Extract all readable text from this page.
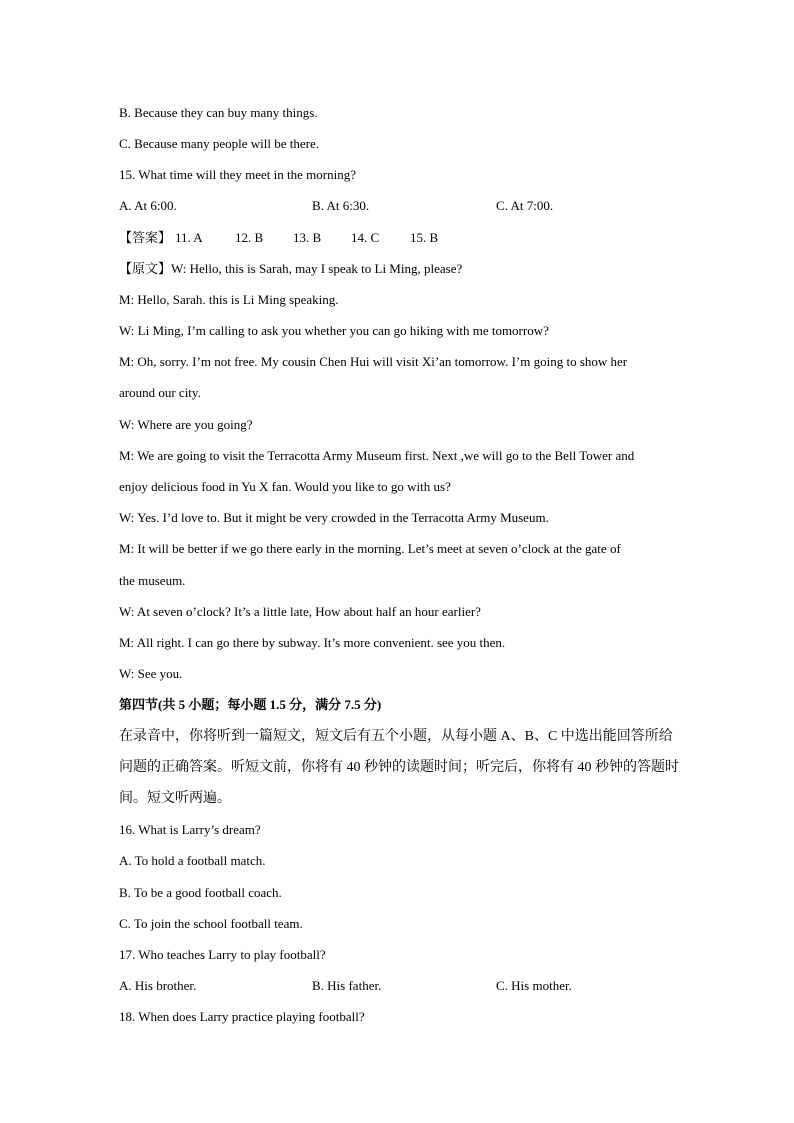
B. Because they can buy many things.
C. Because many people will be there.
15. What time will they meet in the morning?
A. At 6:00.	B. At 6:30.	C. At 7:00.
【答案】 11. A 12. B 13. B 14. C 15. B
【原文】W: Hello, this is Sarah, may I speak to Li Ming, please?
M: Hello, Sarah. this is Li Ming speaking.
W: Li Ming, I’m calling to ask you whether you can go hiking with me tomorrow?
M: Oh, sorry. I’m not free. My cousin Chen Hui will visit Xi’an tomorrow. I’m going to show her
around our city.
W: Where are you going?
M: We are going to visit the Terracotta Army Museum first. Next ,we will go to the Bell Tower and
enjoy delicious food in Yu X fan. Would you like to go with us?
W: Yes. I’d love to. But it might be very crowded in the Terracotta Army Museum.
M: It will be better if we go there early in the morning. Let’s meet at seven o’clock at the gate of
the museum.
W: At seven o’clock? It’s a little late, How about half an hour earlier?
M: All right. I can go there by subway. It’s more convenient. see you then.
W: See you.
第四节(共 5 小题；每小题 1.5 分，满分 7.5 分)
在录音中，你将听到一篇短文，短文后有五个小题，从每小题 A、B、C 中选出能回答所给
问题的正确答案。听短文前，你将有 40 秒钟的读题时间；听完后，你将有 40 秒钟的答题时
间。短文听两遍。
16. What is Larry’s dream?
A. To hold a football match.
B. To be a good football coach.
C. To join the school football team.
17. Who teaches Larry to play football?
A. His brother.	B. His father.	C. His mother.
18. When does Larry practice playing football?
